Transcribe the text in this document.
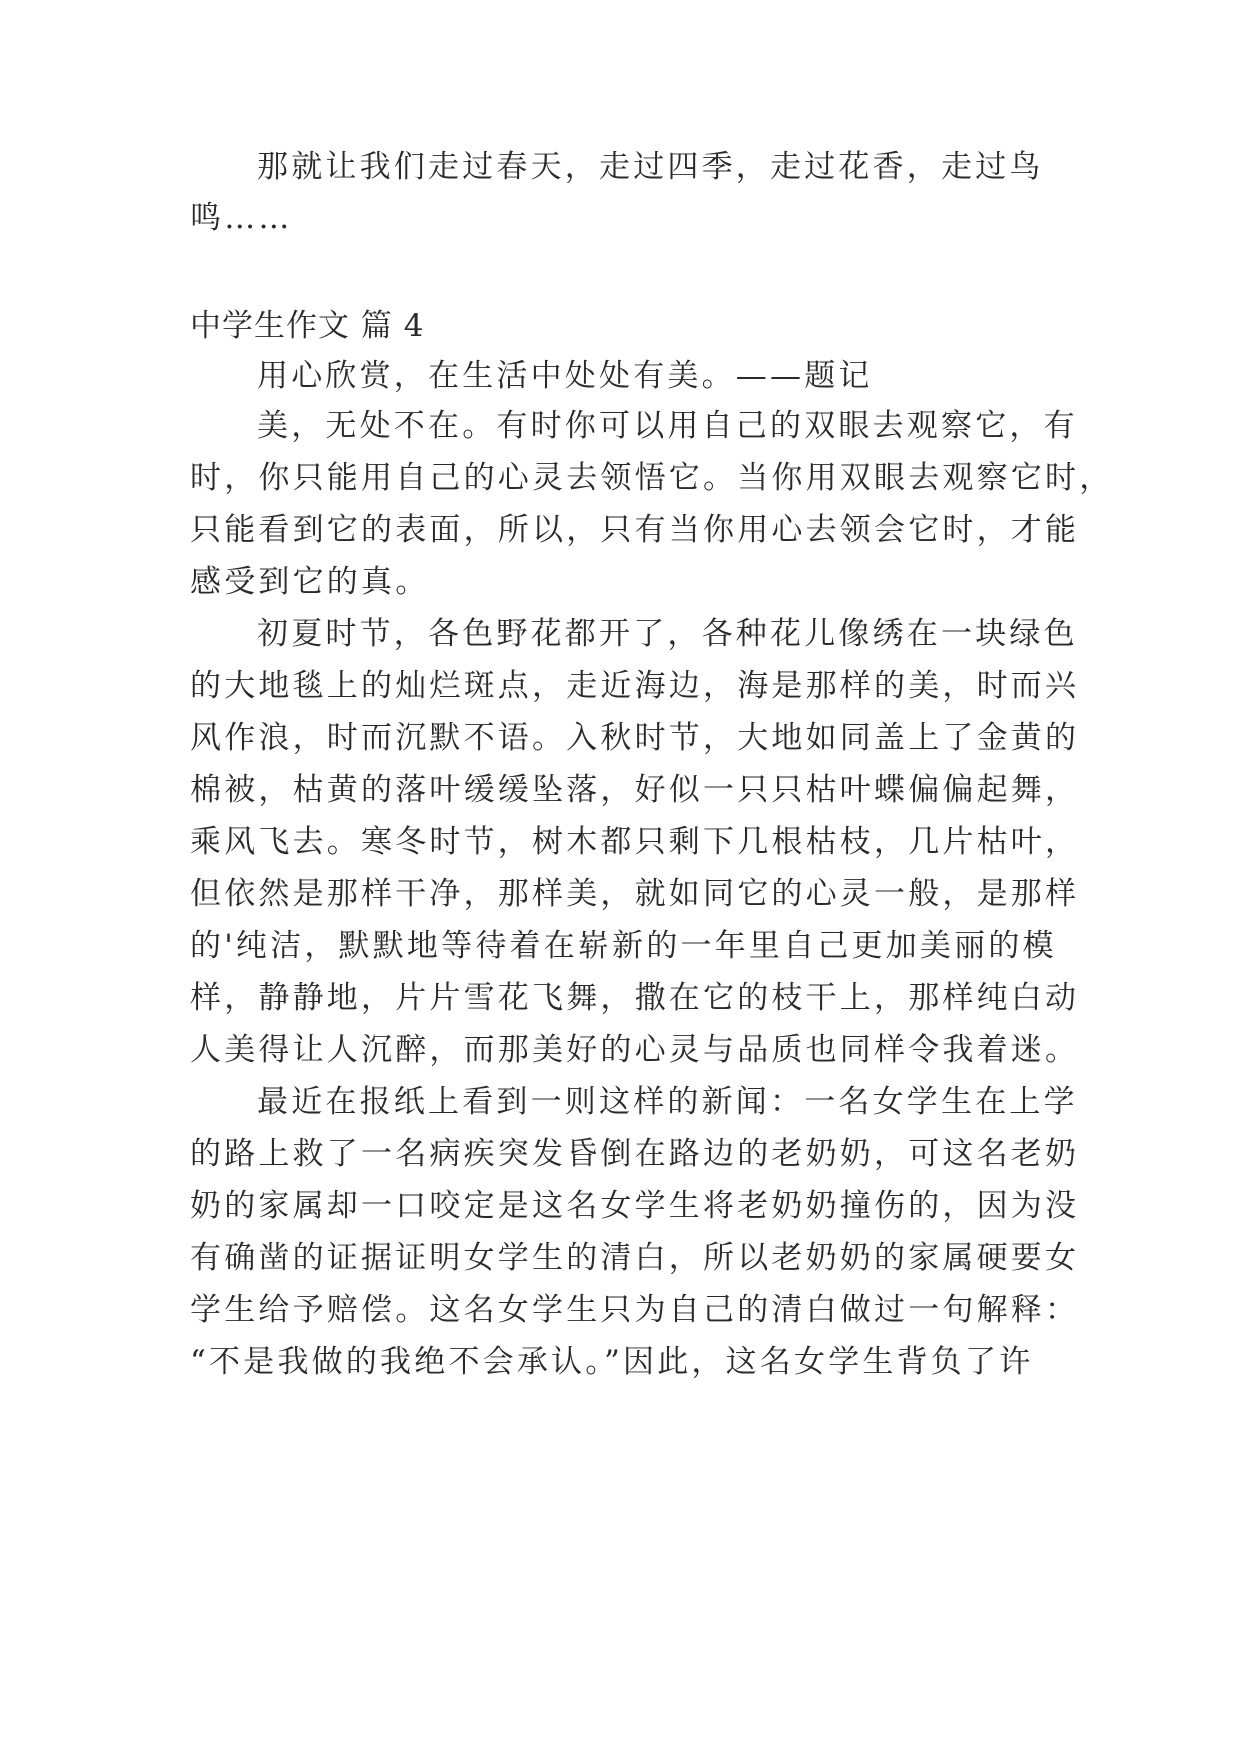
那就让我们走过春天，走过四季，走过花香，走过鸟
鸣……
中学生作文 篇 4
用心欣赏，在生活中处处有美。——题记
美，无处不在。有时你可以用自己的双眼去观察它，有
时，你只能用自己的心灵去领悟它。当你用双眼去观察它时，
只能看到它的表面，所以，只有当你用心去领会它时，才能
感受到它的真。
初夏时节，各色野花都开了，各种花儿像绣在一块绿色
的大地毯上的灿烂斑点，走近海边，海是那样的美，时而兴
风作浪，时而沉默不语。入秋时节，大地如同盖上了金黄的
棉被，枯黄的落叶缓缓坠落，好似一只只枯叶蝶偏偏起舞，
乘风飞去。寒冬时节，树木都只剩下几根枯枝，几片枯叶，
但依然是那样干净，那样美，就如同它的心灵一般，是那样
的'纯洁，默默地等待着在崭新的一年里自己更加美丽的模
样，静静地，片片雪花飞舞，撒在它的枝干上，那样纯白动
人美得让人沉醉，而那美好的心灵与品质也同样令我着迷。
最近在报纸上看到一则这样的新闻：一名女学生在上学
的路上救了一名病疾突发昏倒在路边的老奶奶，可这名老奶
奶的家属却一口咬定是这名女学生将老奶奶撞伤的，因为没
有确凿的证据证明女学生的清白，所以老奶奶的家属硬要女
学生给予赔偿。这名女学生只为自己的清白做过一句解释：
“不是我做的我绝不会承认。”因此，这名女学生背负了许
